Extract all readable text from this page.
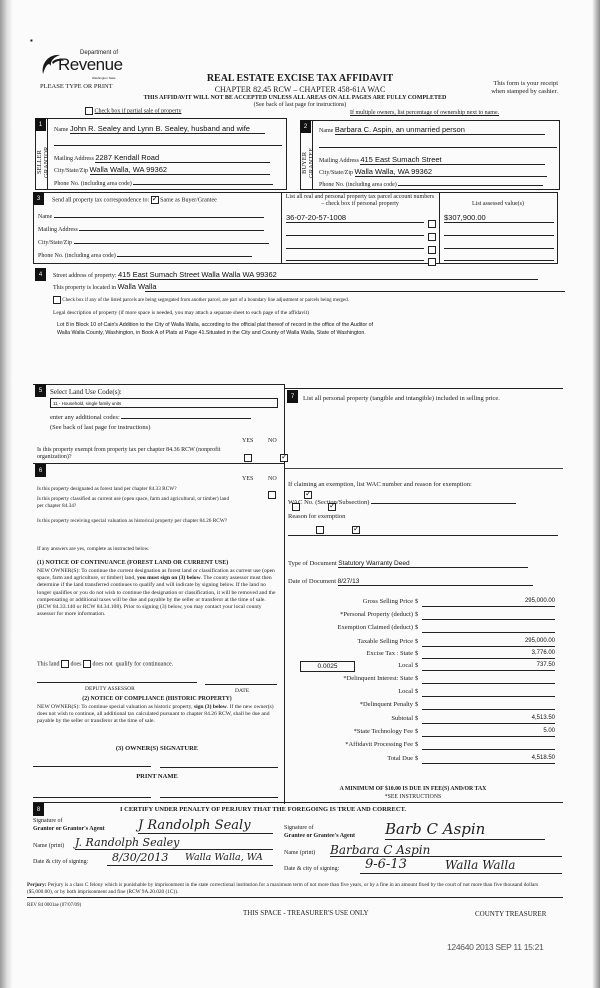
▪
Department of
Revenue
Washington State
PLEASE TYPE OR PRINT
REAL ESTATE EXCISE TAX AFFIDAVIT
CHAPTER 82.45 RCW – CHAPTER 458-61A WAC
This form is your receipt
when stamped by cashier.
THIS AFFIDAVIT WILL NOT BE ACCEPTED UNLESS ALL AREAS ON ALL PAGES ARE FULLY COMPLETED
(See back of last page for instructions)
Check box if partial sale of property	If multiple owners, list percentage of ownership next to name.
1
SELLER
Name John R. Sealey and Lynn B. Sealey, husband and wife
Mailing Address 2287 Kendall Road
City/State/Zip Walla Walla, WA 99362
Phone No. (including area code)
2
BUYER
Name Barbara C. Aspin, an unmarried person
Mailing Address 415 East Sumach Street
City/State/Zip Walla Walla, WA 99362
Phone No. (including area code)
3	Send all property tax correspondence to: ✓ Same as Buyer/Grantee
Name
Mailing Address
City/State/Zip
Phone No. (including area code)
List all real and personal property tax parcel account numbers – check box if personal property	List assessed value(s)
36-07-20-57-1008	$307,900.00
4	Street address of property: 415 East Sumach Street Walla Walla WA 99362
This property is located in Walla Walla
Check box if any of the listed parcels are being segregated from another parcel, are part of a boundary line adjustment or parcels being merged.
Legal description of property (if more space is needed, you may attach a separate sheet to each page of the affidavit)
Lot 8 in Block 10 of Cain's Addition to the City of Walla Walla, according to the official plat thereof of record in the office of the Auditor of
Walla Walla County, Washington, in Book A of Plats at Page 41.Situated in the City and County of Walla Walla, State of Washington.
5	Select Land Use Code(s):
11 - Household, single family units
enter any additional codes:
(See back of last page for instructions)
YES NO
Is this property exempt from property tax per chapter 84.36 RCW (nonprofit organization)?
✓
6
YES NO
Is this property designated as forest land per chapter 84.33 RCW?
✓
Is this property classified as current use (open space, farm and agricultural, or timber) land per chapter 84.34?
✓
Is this property receiving special valuation as historical property per chapter 84.26 RCW?
✓
If any answers are yes, complete as instructed below.
(1) NOTICE OF CONTINUANCE (FOREST LAND OR CURRENT USE)
NEW OWNER(S): To continue the current designation as forest land or classification as current use (open space, farm and agriculture, or timber) land, you must sign on (3) below. The county assessor must then determine if the land transferred continues to qualify and will indicate by signing below. If the land no longer qualifies or you do not wish to continue the designation or classification, it will be removed and the compensating or additional taxes will be due and payable by the seller or transferor at the time of sale. (RCW 84.33.140 or RCW 84.34.108). Prior to signing (3) below, you may contact your local county assessor for more information.
This land does does not qualify for continuance.
DEPUTY ASSESSOR	DATE
(2) NOTICE OF COMPLIANCE (HISTORIC PROPERTY)
NEW OWNER(S): To continue special valuation as historic property, sign (3) below. If the new owner(s) does not wish to continue, all additional tax calculated pursuant to chapter 84.26 RCW, shall be due and payable by the seller or transferor at the time of sale.
(3) OWNER(S) SIGNATURE
PRINT NAME
7	List all personal property (tangible and intangible) included in selling price.
If claiming an exemption, list WAC number and reason for exemption:
WAC No. (Section/Subsection)
Reason for exemption
Type of Document Statutory Warranty Deed
Date of Document 8/27/13
Gross Selling Price $	295,000.00
*Personal Property (deduct) $
Exemption Claimed (deduct) $
Taxable Selling Price $	295,000.00
Excise Tax : State $	3,776.00
0.0025	Local $	737.50
*Delinquent Interest: State $
Local $
*Delinquent Penalty $
Subtotal $	4,513.50
*State Technology Fee $	5.00
*Affidavit Processing Fee $
Total Due $	4,518.50
A MINIMUM OF $10.00 IS DUE IN FEE(S) AND/OR TAX
*SEE INSTRUCTIONS
8	I CERTIFY UNDER PENALTY OF PERJURY THAT THE FOREGOING IS TRUE AND CORRECT.
Signature of
Grantor or Grantor's Agent	J Randolph Sealy
Name (print) J. Randolph Sealey
Date & city of signing: 8/30/2013 Walla Walla, WA
Signature of
Grantee or Grantee's Agent Barb C Aspin
Name (print) Barbara C Aspin
Date & city of signing: 9-6-13	Walla Walla
Perjury: Perjury is a class C felony which is punishable by imprisonment in the state correctional institution for a maximum term of not more than five years, or by a fine in an amount fixed by the court of not more than five thousand dollars ($5,000.00), or by both imprisonment and fine (RCW 9A.20.020 (1C)).
REV 84 0001ae (07/07/09)
THIS SPACE - TREASURER'S USE ONLY	COUNTY TREASURER
124640 2013 SEP 11 15:21
